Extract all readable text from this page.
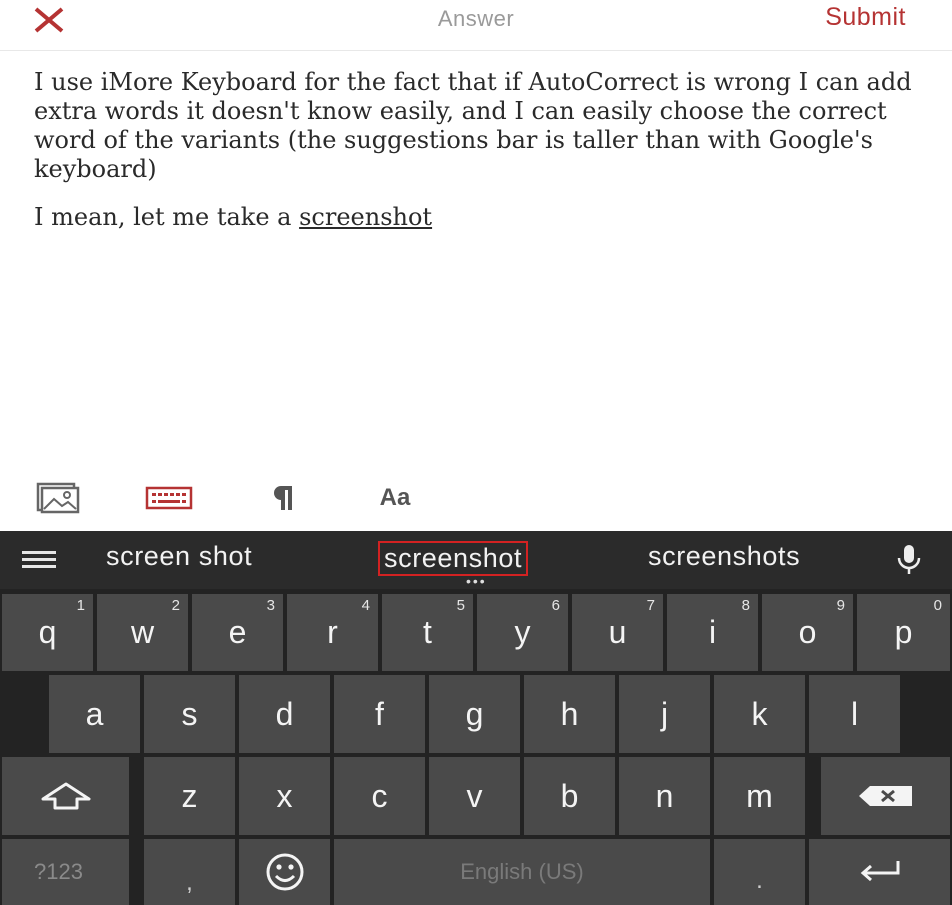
Answer	Submit

I use iMore Keyboard for the fact that if AutoCorrect is wrong I can add extra words it doesn't know easily, and I can easily choose the correct word of the variants (the suggestions bar is taller than with Google's keyboard)

I mean, let me take a screenshot

Aa
screen shot	screenshot
•••
screenshots
q
1
w
2
e
3
r
4
t
5
y
6
u
7
i
8
o
9
p
0
a	s	d	f	g	h	j	k	l
z	x	c	v	b	n	m
?123	,	English (US)	.
